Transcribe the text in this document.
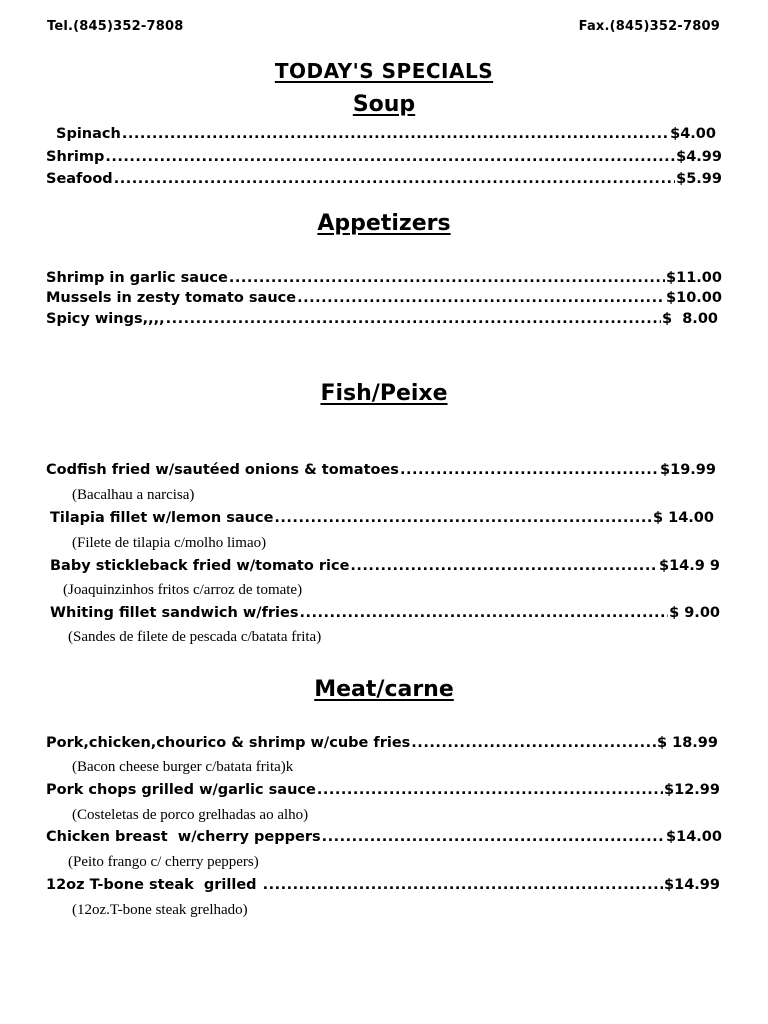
Tel.(845)352-7808	Fax.(845)352-7809
TODAY'S SPECIALS
Soup
Spinach .....	$4.00
Shrimp .....	$4.99
Seafood .....	$5.99
Appetizers
Shrimp in garlic sauce .....	$11.00
Mussels in zesty tomato sauce .....	$10.00
Spicy wings,,,, .....	$  8.00
Fish/Peixe
Codfish fried w/sautéed onions & tomatoes .....	$19.99
(Bacalhau a narcisa)
Tilapia fillet w/lemon sauce .....	$ 14.00
(Filete de tilapia c/molho limao)
Baby stickleback fried w/tomato rice .....	$14.9 9
(Joaquinzinhos fritos c/arroz de tomate)
Whiting fillet sandwich w/fries .....	$ 9.00
(Sandes de filete de pescada c/batata frita)
Meat/carne
Pork,chicken,chourico & shrimp w/cube fries .....	$ 18.99
(Bacon cheese burger c/batata frita)k
Pork chops grilled w/garlic sauce .....	$12.99
(Costeletas de porco grelhadas ao alho)
Chicken breast  w/cherry peppers .....	$14.00
(Peito frango c/ cherry peppers)
12oz T-bone steak  grilled .....	$14.99
(12oz.T-bone steak grelhado)
